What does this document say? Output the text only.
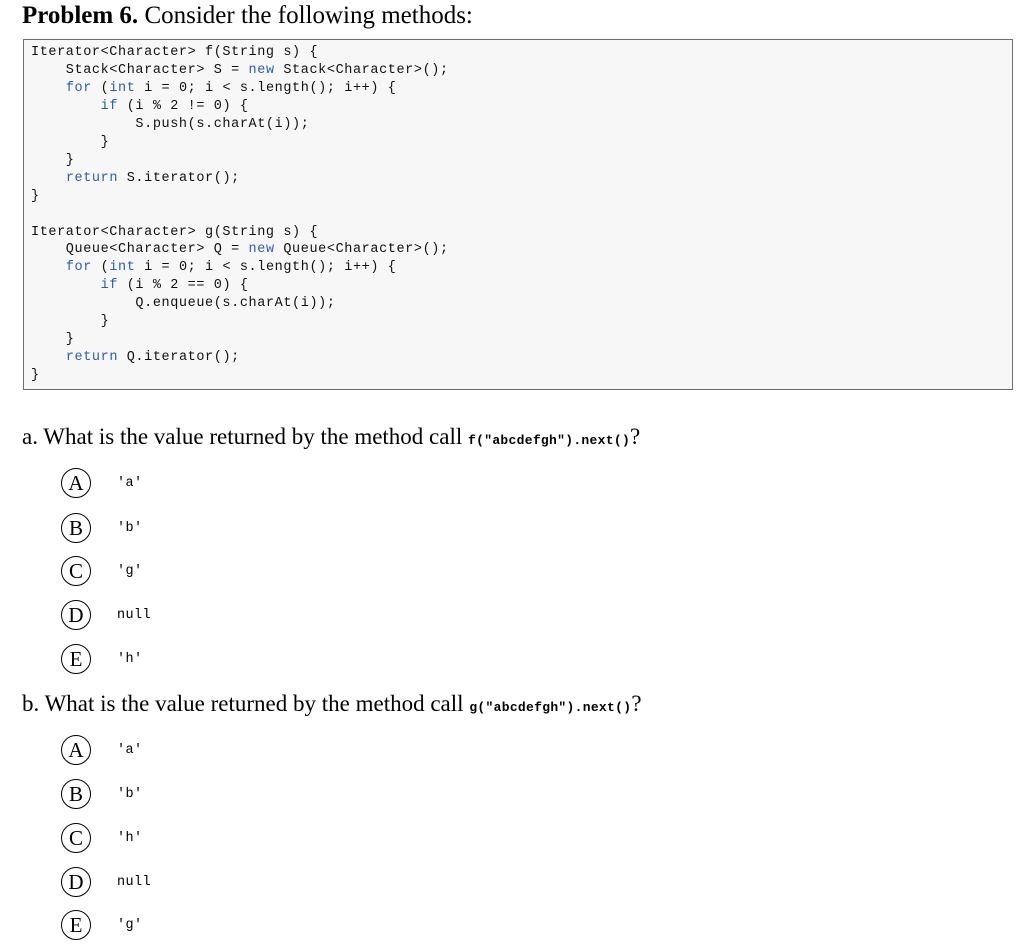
Problem 6. Consider the following methods:
Iterator<Character> f(String s) {
Stack<Character> S = new Stack<Character>();
for (int i = 0; i < s.length(); i++) {
if (i % 2 != 0) {
S.push(s.charAt(i));
}
}
return S.iterator();
}

Iterator<Character> g(String s) {
Queue<Character> Q = new Queue<Character>();
for (int i = 0; i < s.length(); i++) {
if (i % 2 == 0) {
Q.enqueue(s.charAt(i));
}
}
return Q.iterator();
}
a. What is the value returned by the method call f("abcdefgh").next()?
A	'a'
B	'b'
C	'g'
D	null
E	'h'
b. What is the value returned by the method call g("abcdefgh").next()?
A	'a'
B	'b'
C	'h'
D	null
E	'g'
